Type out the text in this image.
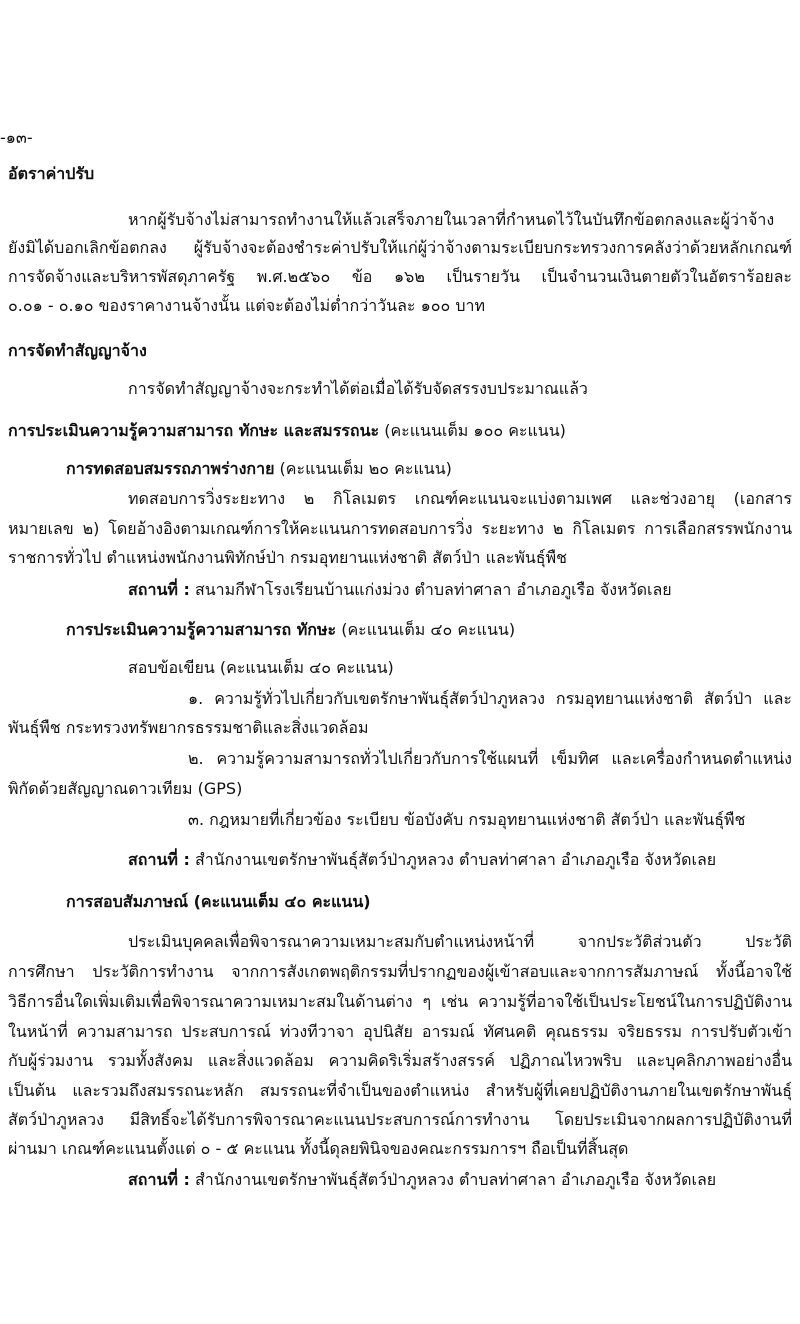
-๑๓-
อัตราค่าปรับ
หากผู้รับจ้างไม่สามารถทำงานให้แล้วเสร็จภายในเวลาที่กำหนดไว้ในบันทึกข้อตกลงและผู้ว่าจ้าง
ยังมิได้บอกเลิกข้อตกลง ผู้รับจ้างจะต้องชำระค่าปรับให้แก่ผู้ว่าจ้างตามระเบียบกระทรวงการคลังว่าด้วยหลักเกณฑ์
การจัดจ้างและบริหารพัสดุภาครัฐ พ.ศ.๒๕๖๐ ข้อ ๑๖๒ เป็นรายวัน เป็นจำนวนเงินตายตัวในอัตราร้อยละ
๐.๐๑ - ๐.๑๐ ของราคางานจ้างนั้น แต่จะต้องไม่ต่ำกว่าวันละ ๑๐๐ บาท
การจัดทำสัญญาจ้าง
การจัดทำสัญญาจ้างจะกระทำได้ต่อเมื่อได้รับจัดสรรงบประมาณแล้ว
การประเมินความรู้ความสามารถ ทักษะ และสมรรถนะ (คะแนนเต็ม ๑๐๐ คะแนน)
การทดสอบสมรรถภาพร่างกาย (คะแนนเต็ม ๒๐ คะแนน)
ทดสอบการวิ่งระยะทาง ๒ กิโลเมตร เกณฑ์คะแนนจะแบ่งตามเพศ และช่วงอายุ (เอกสาร
หมายเลข ๒) โดยอ้างอิงตามเกณฑ์การให้คะแนนการทดสอบการวิ่ง ระยะทาง ๒ กิโลเมตร การเลือกสรรพนักงาน
ราชการทั่วไป ตำแหน่งพนักงานพิทักษ์ป่า กรมอุทยานแห่งชาติ สัตว์ป่า และพันธุ์พืช
สถานที่ : สนามกีฬาโรงเรียนบ้านแก่งม่วง ตำบลท่าศาลา อำเภอภูเรือ จังหวัดเลย
การประเมินความรู้ความสามารถ ทักษะ (คะแนนเต็ม ๔๐ คะแนน)
สอบข้อเขียน (คะแนนเต็ม ๔๐ คะแนน)
๑. ความรู้ทั่วไปเกี่ยวกับเขตรักษาพันธุ์สัตว์ป่าภูหลวง กรมอุทยานแห่งชาติ สัตว์ป่า และ
พันธุ์พืช กระทรวงทรัพยากรธรรมชาติและสิ่งแวดล้อม
๒. ความรู้ความสามารถทั่วไปเกี่ยวกับการใช้แผนที่ เข็มทิศ และเครื่องกำหนดตำแหน่ง
พิกัดด้วยสัญญาณดาวเทียม (GPS)
๓. กฎหมายที่เกี่ยวข้อง ระเบียบ ข้อบังคับ กรมอุทยานแห่งชาติ สัตว์ป่า และพันธุ์พืช
สถานที่ : สำนักงานเขตรักษาพันธุ์สัตว์ป่าภูหลวง ตำบลท่าศาลา อำเภอภูเรือ จังหวัดเลย
การสอบสัมภาษณ์ (คะแนนเต็ม ๔๐ คะแนน)
ประเมินบุคคลเพื่อพิจารณาความเหมาะสมกับตำแหน่งหน้าที่ จากประวัติส่วนตัว ประวัติ
การศึกษา ประวัติการทำงาน จากการสังเกตพฤติกรรมที่ปรากฏของผู้เข้าสอบและจากการสัมภาษณ์ ทั้งนี้อาจใช้
วิธีการอื่นใดเพิ่มเติมเพื่อพิจารณาความเหมาะสมในด้านต่าง ๆ เช่น ความรู้ที่อาจใช้เป็นประโยชน์ในการปฏิบัติงาน
ในหน้าที่ ความสามารถ ประสบการณ์ ท่วงทีวาจา อุปนิสัย อารมณ์ ทัศนคติ คุณธรรม จริยธรรม การปรับตัวเข้า
กับผู้ร่วมงาน รวมทั้งสังคม และสิ่งแวดล้อม ความคิดริเริ่มสร้างสรรค์ ปฏิภาณไหวพริบ และบุคลิกภาพอย่างอื่น
เป็นต้น และรวมถึงสมรรถนะหลัก สมรรถนะที่จำเป็นของตำแหน่ง สำหรับผู้ที่เคยปฏิบัติงานภายในเขตรักษาพันธุ์
สัตว์ป่าภูหลวง มีสิทธิ์จะได้รับการพิจารณาคะแนนประสบการณ์การทำงาน โดยประเมินจากผลการปฏิบัติงานที่
ผ่านมา เกณฑ์คะแนนตั้งแต่ ๐ - ๕ คะแนน ทั้งนี้ดุลยพินิจของคณะกรรมการฯ ถือเป็นที่สิ้นสุด
สถานที่ : สำนักงานเขตรักษาพันธุ์สัตว์ป่าภูหลวง ตำบลท่าศาลา อำเภอภูเรือ จังหวัดเลย
